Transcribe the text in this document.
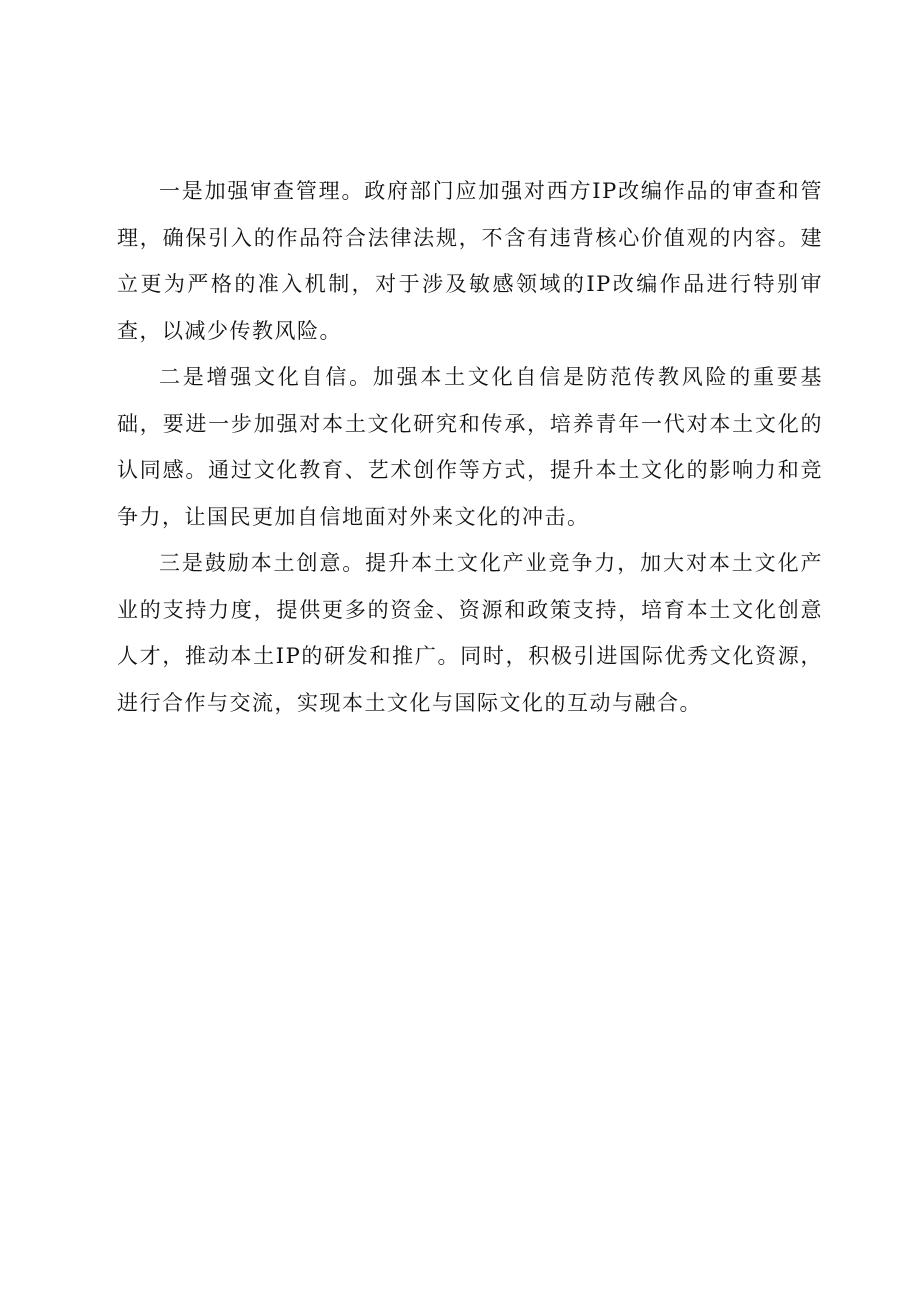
一是加强审查管理。政府部门应加强对西方IP改编作品的审查和管理，确保引入的作品符合法律法规，不含有违背核心价值观的内容。建立更为严格的准入机制，对于涉及敏感领域的IP改编作品进行特别审查，以减少传教风险。

二是增强文化自信。加强本土文化自信是防范传教风险的重要基础，要进一步加强对本土文化研究和传承，培养青年一代对本土文化的认同感。通过文化教育、艺术创作等方式，提升本土文化的影响力和竞争力，让国民更加自信地面对外来文化的冲击。

三是鼓励本土创意。提升本土文化产业竞争力，加大对本土文化产业的支持力度，提供更多的资金、资源和政策支持，培育本土文化创意人才，推动本土IP的研发和推广。同时，积极引进国际优秀文化资源，进行合作与交流，实现本土文化与国际文化的互动与融合。
